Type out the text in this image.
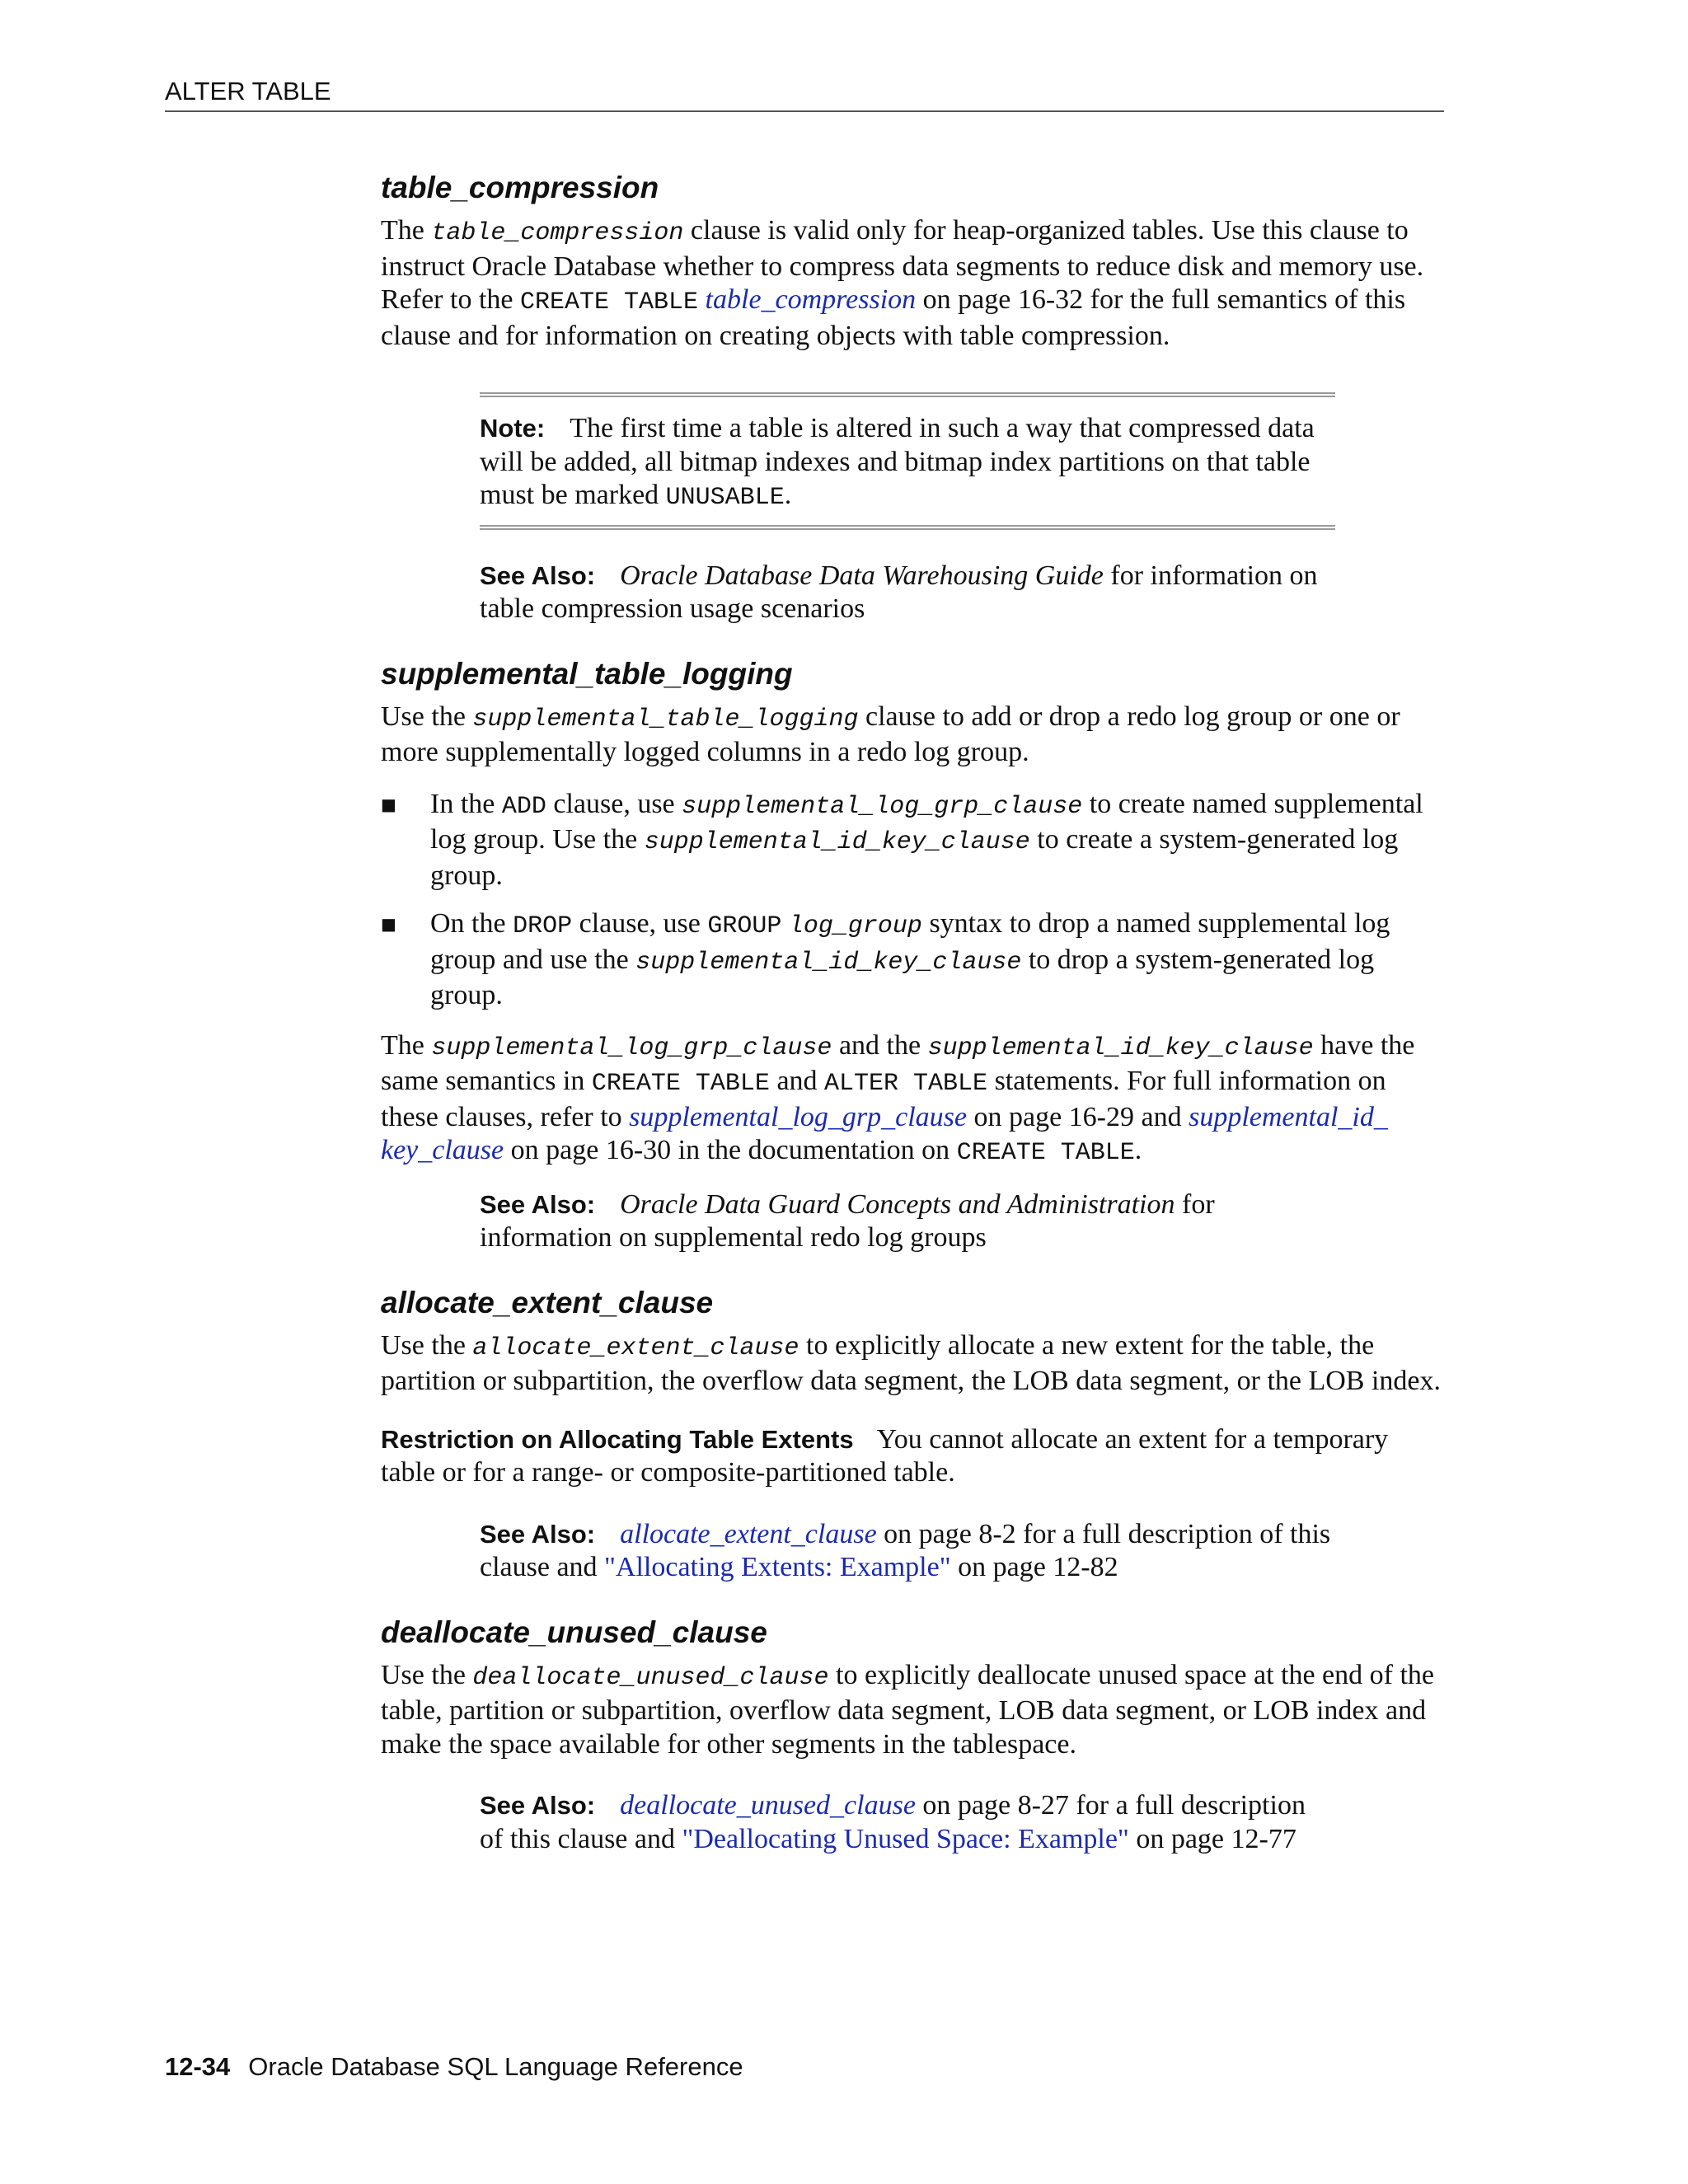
ALTER TABLE
table_compression

The table_compression clause is valid only for heap-organized tables. Use this clause to instruct Oracle Database whether to compress data segments to reduce disk and memory use. Refer to the CREATE TABLE table_compression on page 16-32 for the full semantics of this clause and for information on creating objects with table compression.

Note: The first time a table is altered in such a way that compressed data will be added, all bitmap indexes and bitmap index partitions on that table must be marked UNUSABLE.
See Also: Oracle Database Data Warehousing Guide for information on table compression usage scenarios
supplemental_table_logging

Use the supplemental_table_logging clause to add or drop a redo log group or one or more supplementally logged columns in a redo log group.

■ In the ADD clause, use supplemental_log_grp_clause to create named supplemental log group. Use the supplemental_id_key_clause to create a system-generated log group.
■ On the DROP clause, use GROUP log_group syntax to drop a named supplemental log group and use the supplemental_id_key_clause to drop a system-generated log group.

The supplemental_log_grp_clause and the supplemental_id_key_clause have the same semantics in CREATE TABLE and ALTER TABLE statements. For full information on these clauses, refer to supplemental_log_grp_clause on page 16-29 and supplemental_id_
key_clause on page 16-30 in the documentation on CREATE TABLE.

See Also: Oracle Data Guard Concepts and Administration for information on supplemental redo log groups
allocate_extent_clause

Use the allocate_extent_clause to explicitly allocate a new extent for the table, the partition or subpartition, the overflow data segment, the LOB data segment, or the LOB index.

Restriction on Allocating Table Extents You cannot allocate an extent for a temporary table or for a range- or composite-partitioned table.

See Also: allocate_extent_clause on page 8-2 for a full description of this clause and "Allocating Extents: Example" on page 12-82
deallocate_unused_clause

Use the deallocate_unused_clause to explicitly deallocate unused space at the end of the table, partition or subpartition, overflow data segment, LOB data segment, or LOB index and make the space available for other segments in the tablespace.

See Also: deallocate_unused_clause on page 8-27 for a full description of this clause and "Deallocating Unused Space: Example" on page 12-77
12-34 Oracle Database SQL Language Reference
